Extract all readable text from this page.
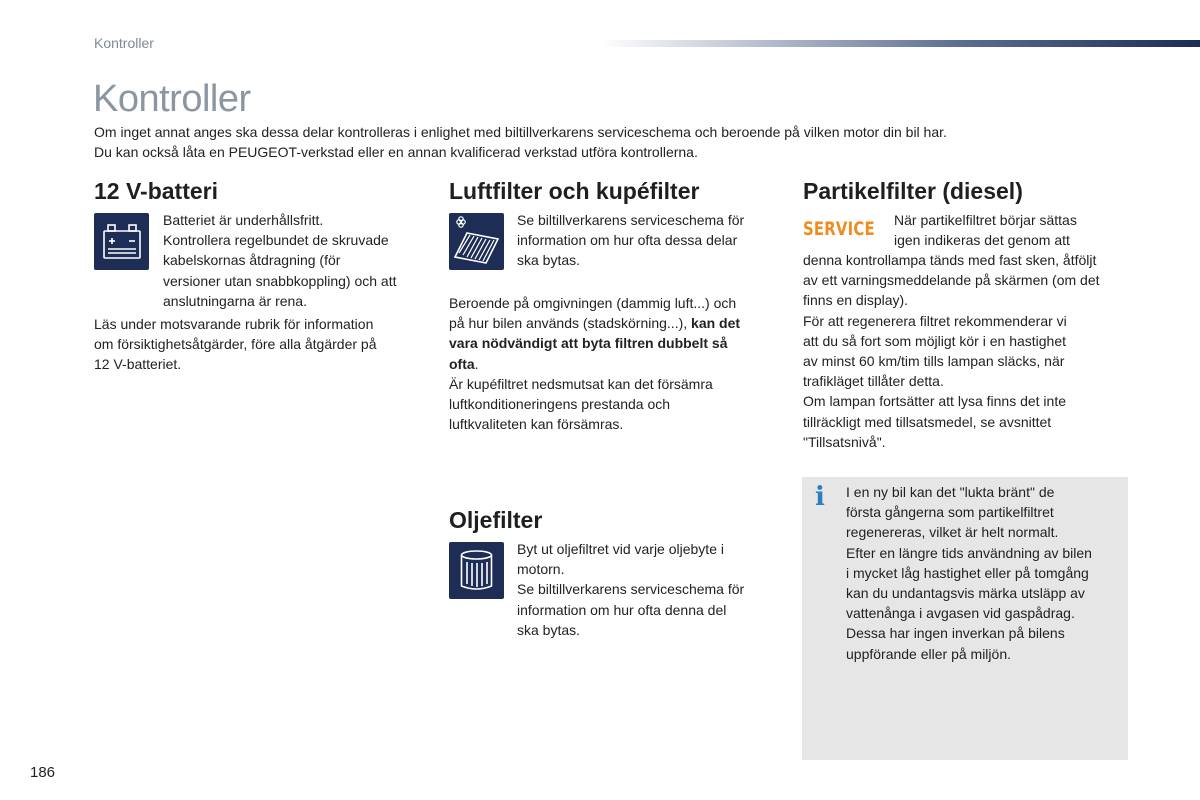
Kontroller
Kontroller

Om inget annat anges ska dessa delar kontrolleras i enlighet med biltillverkarens serviceschema och beroende på vilken motor din bil har.

Du kan också låta en PEUGEOT-verkstad eller en annan kvalificerad verkstad utföra kontrollerna.

12 V-batteri

Batteriet är underhållsfritt.

Kontrollera regelbundet de skruvade

kabelskornas åtdragning (för

versioner utan snabbkoppling) och att

anslutningarna är rena.

Läs under motsvarande rubrik för information

om försiktighetsåtgärder, före alla åtgärder på

12 V-batteriet.

Luftfilter och kupéfilter

Se biltillverkarens serviceschema för

information om hur ofta dessa delar

ska bytas.

Beroende på omgivningen (dammig luft...) och

på hur bilen används (stadskörning...), kan det

vara nödvändigt att byta filtren dubbelt så

ofta.

Är kupéfiltret nedsmutsat kan det försämra

luftkonditioneringens prestanda och

luftkvaliteten kan försämras.

Oljefilter

Byt ut oljefiltret vid varje oljebyte i

motorn.

Se biltillverkarens serviceschema för

information om hur ofta denna del

ska bytas.

Partikelfilter (diesel)
SERVICE När partikelfiltret börjar sättas

igen indikeras det genom att

denna kontrollampa tänds med fast sken, åtföljt

av ett varningsmeddelande på skärmen (om det

finns en display).

För att regenerera filtret rekommenderar vi

att du så fort som möjligt kör i en hastighet

av minst 60 km/tim tills lampan släcks, när

trafikläget tillåter detta.

Om lampan fortsätter att lysa finns det inte

tillräckligt med tillsatsmedel, se avsnittet

"Tillsatsnivå".

i I en ny bil kan det "lukta bränt" de

första gångerna som partikelfiltret

regenereras, vilket är helt normalt.

Efter en längre tids användning av bilen

i mycket låg hastighet eller på tomgång

kan du undantagsvis märka utsläpp av

vattenånga i avgasen vid gaspådrag.

Dessa har ingen inverkan på bilens

uppförande eller på miljön.

186
